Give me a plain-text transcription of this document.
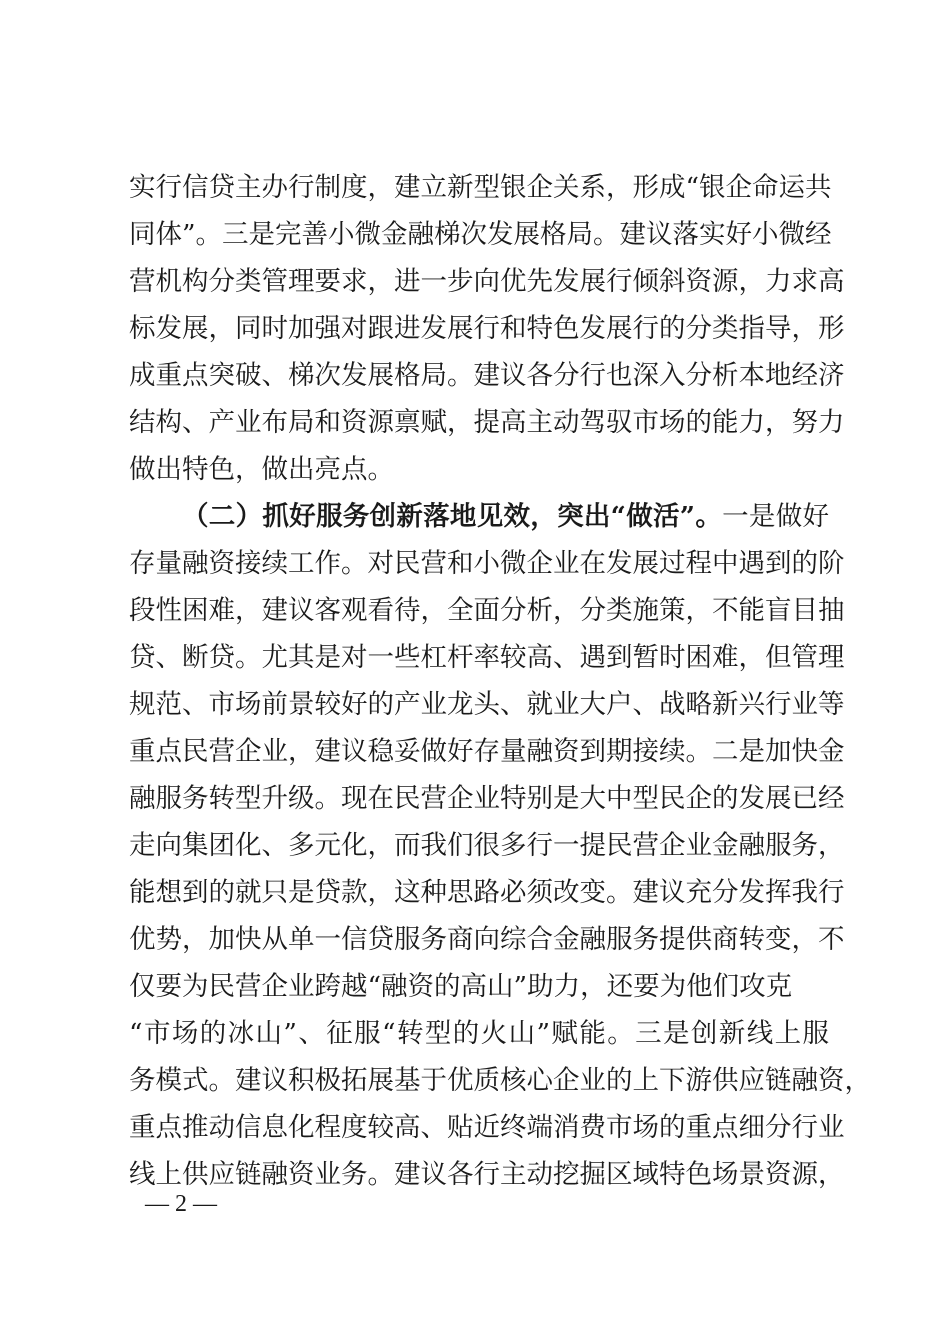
实行信贷主办行制度，建立新型银企关系，形成“银企命运共
同体”。三是完善小微金融梯次发展格局。建议落实好小微经
营机构分类管理要求，进一步向优先发展行倾斜资源，力求高
标发展，同时加强对跟进发展行和特色发展行的分类指导，形
成重点突破、梯次发展格局。建议各分行也深入分析本地经济
结构、产业布局和资源禀赋，提高主动驾驭市场的能力，努力
做出特色，做出亮点。
（二）抓好服务创新落地见效，突出“做活”。一是做好
存量融资接续工作。对民营和小微企业在发展过程中遇到的阶
段性困难，建议客观看待，全面分析，分类施策，不能盲目抽
贷、断贷。尤其是对一些杠杆率较高、遇到暂时困难，但管理
规范、市场前景较好的产业龙头、就业大户、战略新兴行业等
重点民营企业，建议稳妥做好存量融资到期接续。二是加快金
融服务转型升级。现在民营企业特别是大中型民企的发展已经
走向集团化、多元化，而我们很多行一提民营企业金融服务，
能想到的就只是贷款，这种思路必须改变。建议充分发挥我行
优势，加快从单一信贷服务商向综合金融服务提供商转变，不
仅要为民营企业跨越“融资的高山”助力，还要为他们攻克
“市场的冰山”、征服“转型的火山”赋能。三是创新线上服
务模式。建议积极拓展基于优质核心企业的上下游供应链融资，
重点推动信息化程度较高、贴近终端消费市场的重点细分行业
线上供应链融资业务。建议各行主动挖掘区域特色场景资源，
— 2 —
